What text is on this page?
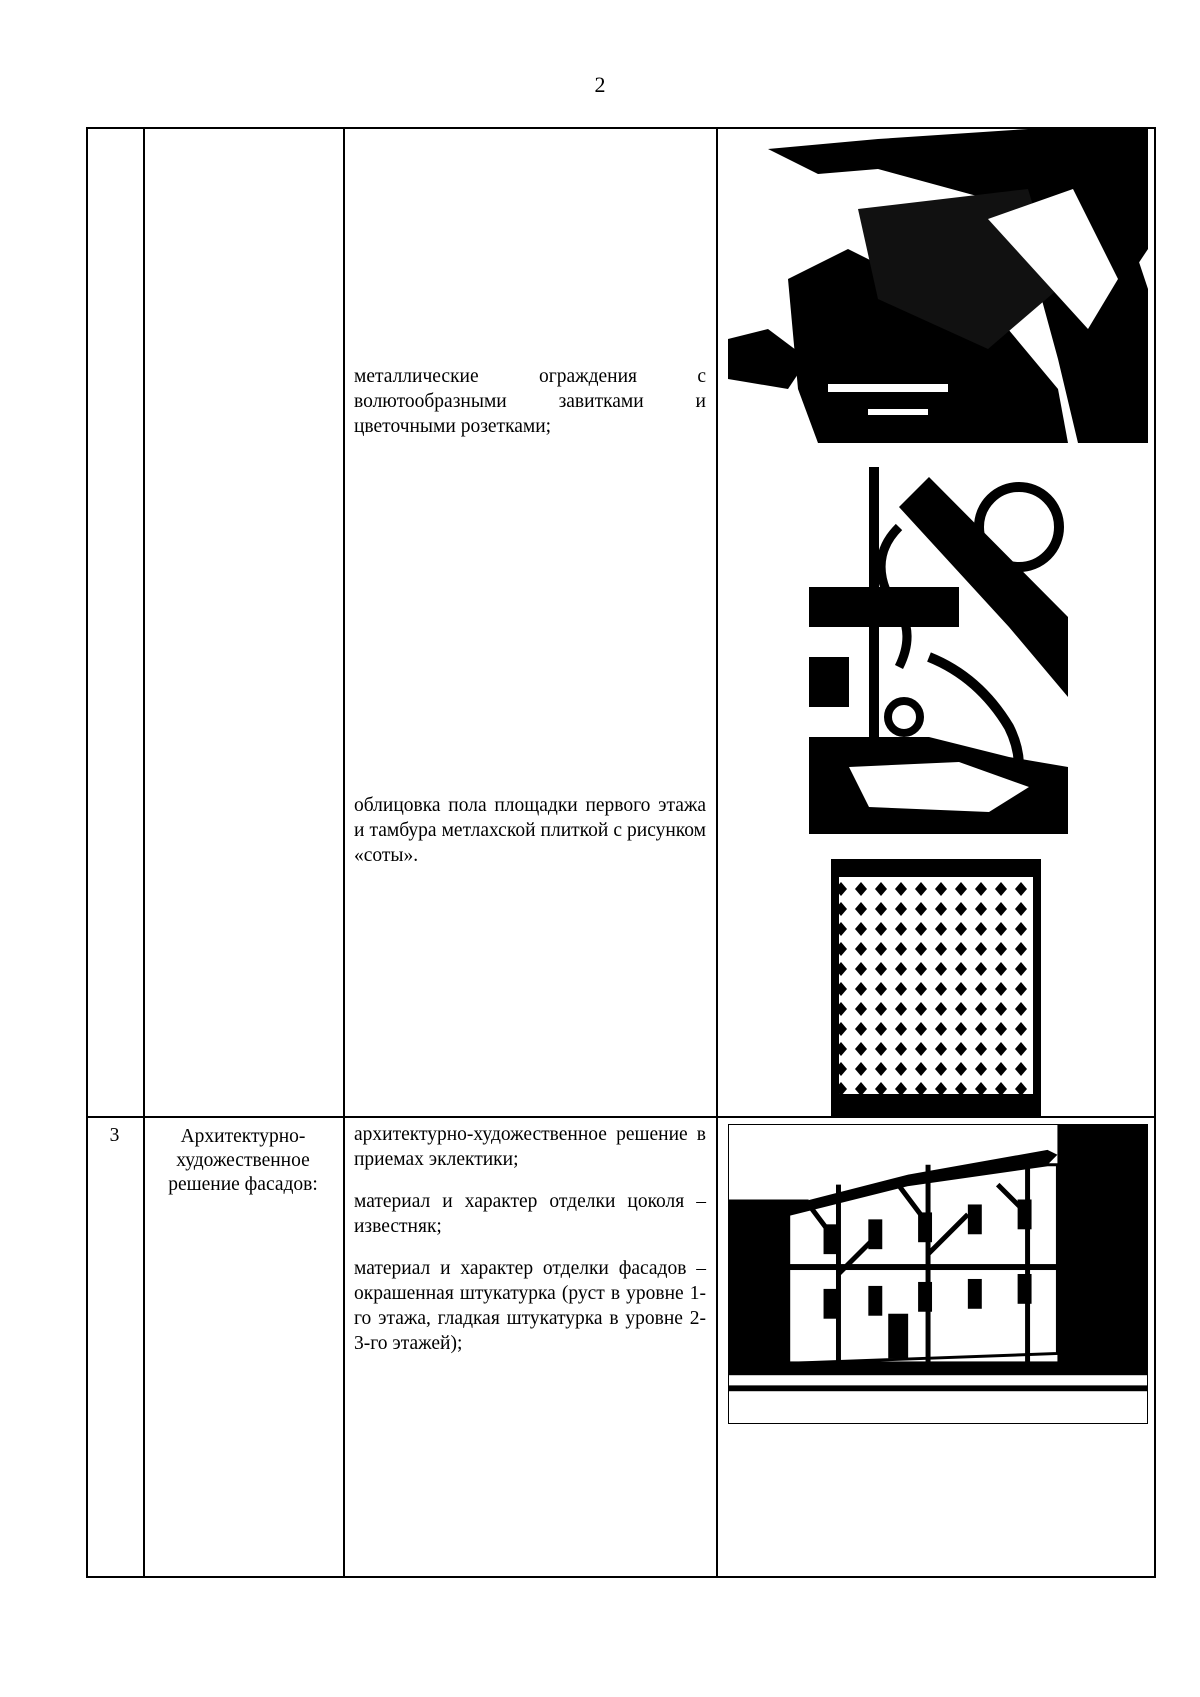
2
металлические ограждения с волютообразными завитками и цветочными розетками;
облицовка пола площадки первого этажа и тамбура метлахской плиткой с рисунком «соты».
3	Архитектурно-художественное решение фасадов:

архитектурно-художественное решение в приемах эклектики;

материал и характер отделки цоколя – известняк;

материал и характер отделки фасадов – окрашенная штукатурка (руст в уровне 1-го этажа, гладкая штукатурка в уровне 2-3-го этажей);
